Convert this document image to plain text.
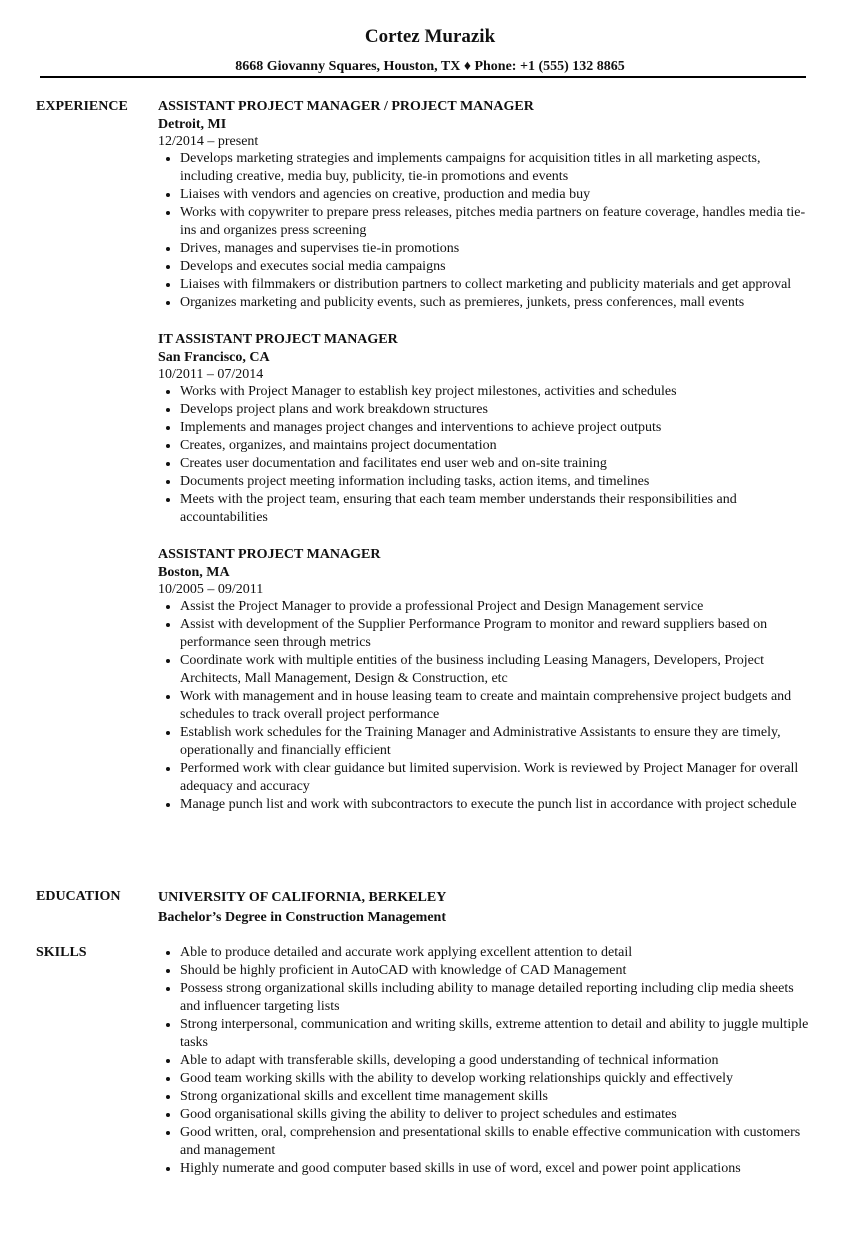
Cortez Murazik
8668 Giovanny Squares, Houston, TX ♦ Phone: +1 (555) 132 8865
EXPERIENCE ASSISTANT PROJECT MANAGER / PROJECT MANAGER
Detroit, MI
12/2014 – present
Develops marketing strategies and implements campaigns for acquisition titles in all marketing aspects, including creative, media buy, publicity, tie-in promotions and events
Liaises with vendors and agencies on creative, production and media buy
Works with copywriter to prepare press releases, pitches media partners on feature coverage, handles media tie-ins and organizes press screening
Drives, manages and supervises tie-in promotions
Develops and executes social media campaigns
Liaises with filmmakers or distribution partners to collect marketing and publicity materials and get approval
Organizes marketing and publicity events, such as premieres, junkets, press conferences, mall events
IT ASSISTANT PROJECT MANAGER
San Francisco, CA
10/2011 – 07/2014
Works with Project Manager to establish key project milestones, activities and schedules
Develops project plans and work breakdown structures
Implements and manages project changes and interventions to achieve project outputs
Creates, organizes, and maintains project documentation
Creates user documentation and facilitates end user web and on-site training
Documents project meeting information including tasks, action items, and timelines
Meets with the project team, ensuring that each team member understands their responsibilities and accountabilities
ASSISTANT PROJECT MANAGER
Boston, MA
10/2005 – 09/2011
Assist the Project Manager to provide a professional Project and Design Management service
Assist with development of the Supplier Performance Program to monitor and reward suppliers based on performance seen through metrics
Coordinate work with multiple entities of the business including Leasing Managers, Developers, Project Architects, Mall Management, Design & Construction, etc
Work with management and in house leasing team to create and maintain comprehensive project budgets and schedules to track overall project performance
Establish work schedules for the Training Manager and Administrative Assistants to ensure they are timely, operationally and financially efficient
Performed work with clear guidance but limited supervision. Work is reviewed by Project Manager for overall adequacy and accuracy
Manage punch list and work with subcontractors to execute the punch list in accordance with project schedule
EDUCATION	UNIVERSITY OF CALIFORNIA, BERKELEY
Bachelor’s Degree in Construction Management
SKILLS	Able to produce detailed and accurate work applying excellent attention to detail
Should be highly proficient in AutoCAD with knowledge of CAD Management
Possess strong organizational skills including ability to manage detailed reporting including clip media sheets and influencer targeting lists
Strong interpersonal, communication and writing skills, extreme attention to detail and ability to juggle multiple tasks
Able to adapt with transferable skills, developing a good understanding of technical information
Good team working skills with the ability to develop working relationships quickly and effectively
Strong organizational skills and excellent time management skills
Good organisational skills giving the ability to deliver to project schedules and estimates
Good written, oral, comprehension and presentational skills to enable effective communication with customers and management
Highly numerate and good computer based skills in use of word, excel and power point applications
